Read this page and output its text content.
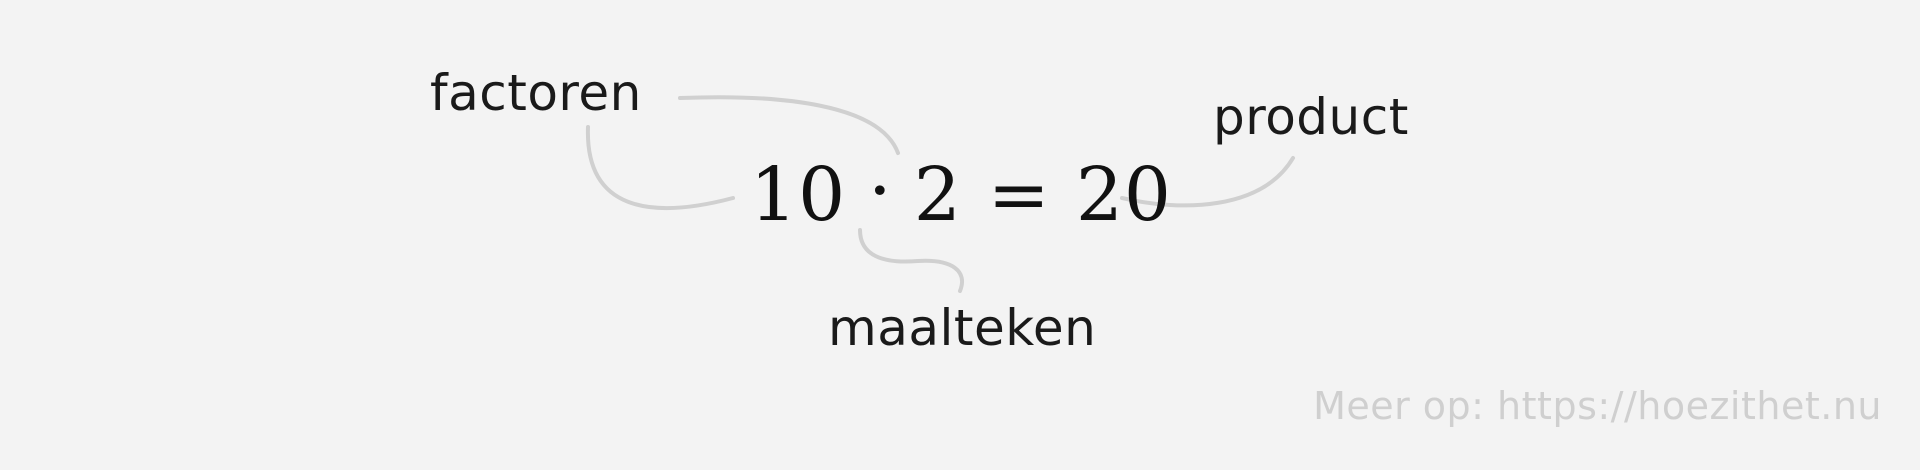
factoren	product
maalteken
10 · 2 = 20
Meer op: https://hoezithet.nu
